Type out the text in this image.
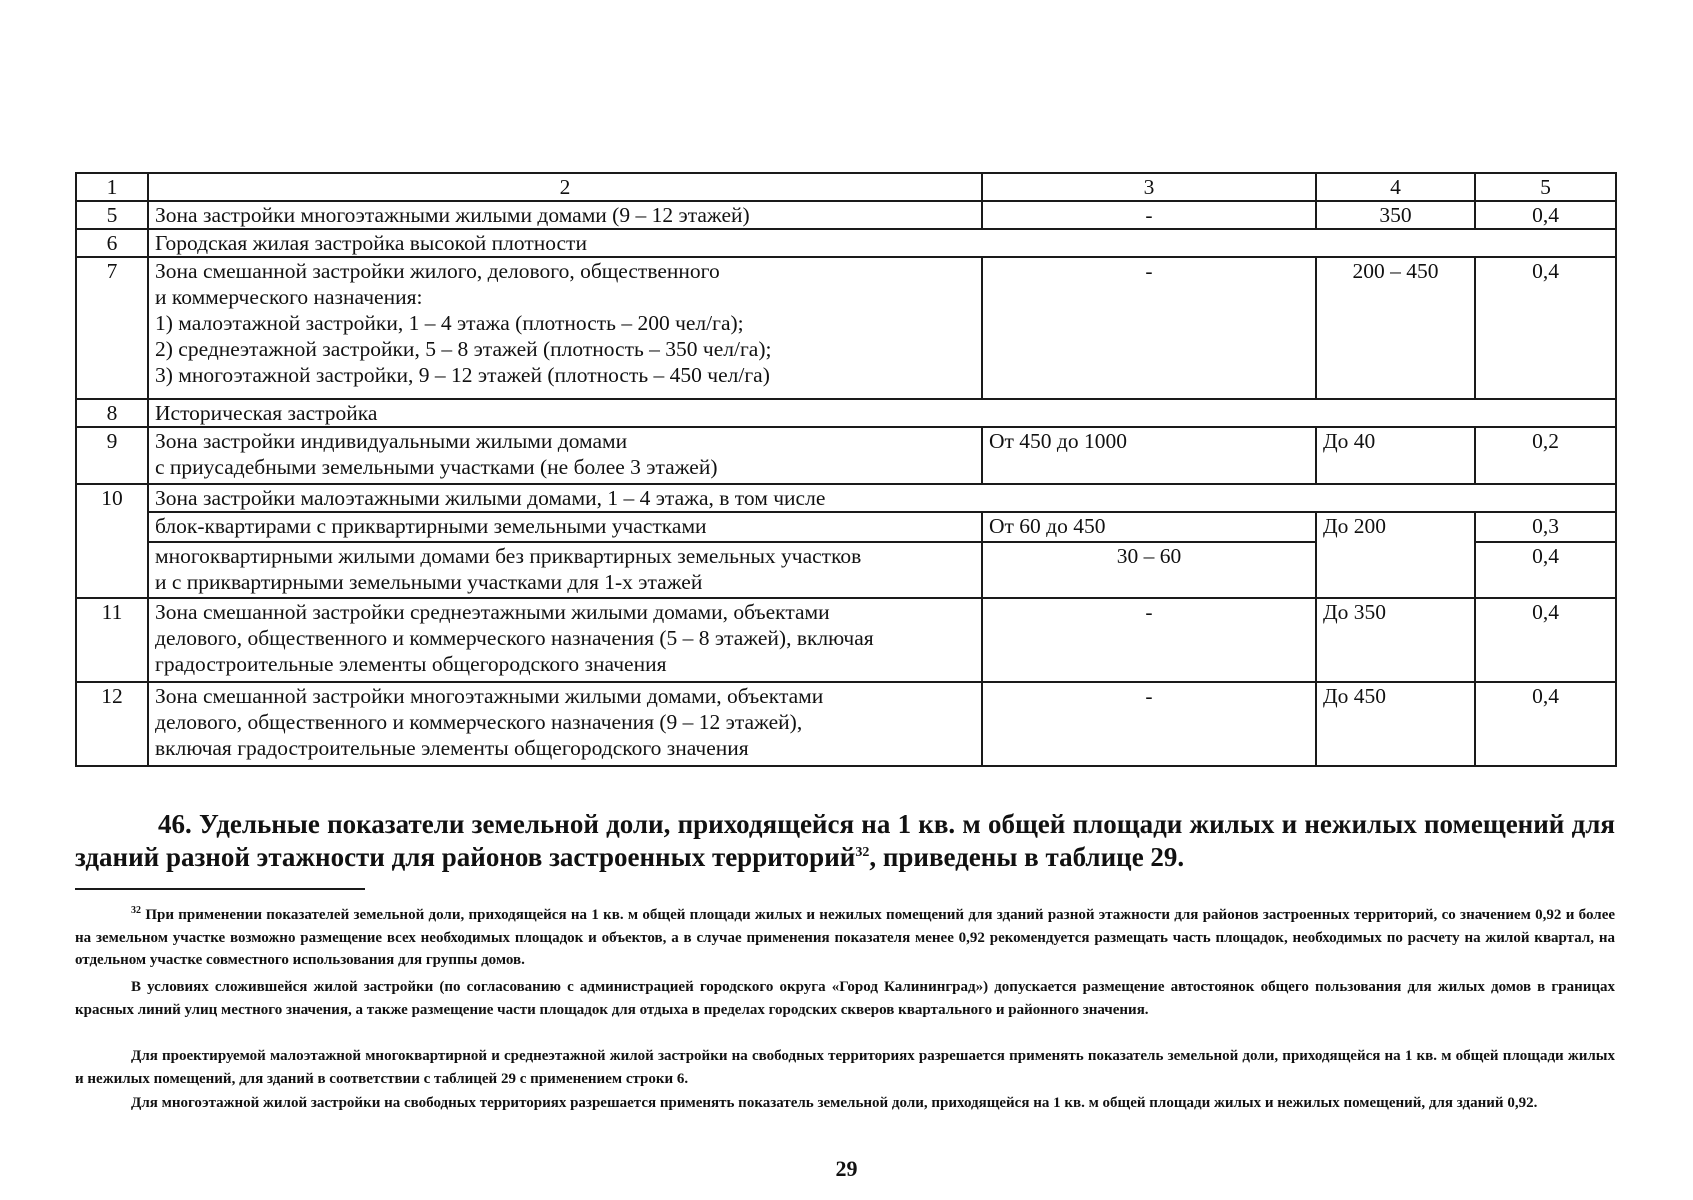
1	2	3	4	5
5	Зона застройки многоэтажными жилыми домами (9 – 12 этажей)	-	350	0,4
6	Городская жилая застройка высокой плотности			
7	Зона смешанной застройки жилого, делового, общественного
и коммерческого назначения:
1) малоэтажной застройки, 1 – 4 этажа (плотность – 200 чел/га);
2) среднеэтажной застройки, 5 – 8 этажей (плотность – 350 чел/га);
3) многоэтажной застройки, 9 – 12 этажей (плотность – 450 чел/га)	-	200 – 450	0,4
8	Историческая застройка			
9	Зона застройки индивидуальными жилыми домами
с приусадебными земельными участками (не более 3 этажей)	От 450 до 1000	До 40	0,2
10	Зона застройки малоэтажными жилыми домами, 1 – 4 этажа, в том числе			
	блок-квартирами с приквартирными земельными участками	От 60 до 450	До 200	0,3

	многоквартирными жилыми домами без приквартирных земельных участков
и с приквартирными земельными участками для 1-х этажей	30 – 60		0,4
11	Зона смешанной застройки среднеэтажными жилыми домами, объектами
делового, общественного и коммерческого назначения (5 – 8 этажей), включая
градостроительные элементы общегородского значения	-	До 350	0,4
12	Зона смешанной застройки многоэтажными жилыми домами, объектами
делового, общественного и коммерческого назначения (9 – 12 этажей),
включая градостроительные элементы общегородского значения	-	До 450	0,4
46. Удельные показатели земельной доли, приходящейся на 1 кв. м общей площади жилых и нежилых помещений для зданий разной этажности для районов застроенных территорий$^{32}$, приведены в таблице 29.
$^{32}$ При применении показателей земельной доли, приходящейся на 1 кв. м общей площади жилых и нежилых помещений для зданий разной этажности для районов застроенных территорий, со значением 0,92 и более на земельном участке возможно размещение всех необходимых площадок и объектов, а в случае применения показателя менее 0,92 рекомендуется размещать часть площадок, необходимых по расчету на жилой квартал, на отдельном участке совместного использования для группы домов.
В условиях сложившейся жилой застройки (по согласованию с администрацией городского округа «Город Калининград») допускается размещение автостоянок общего пользования для жилых домов в границах красных линий улиц местного значения, а также размещение части площадок для отдыха в пределах городских скверов квартального и районного значения.
Для проектируемой малоэтажной многоквартирной и среднеэтажной жилой застройки на свободных территориях разрешается применять показатель земельной доли, приходящейся на 1 кв. м общей площади жилых и нежилых помещений, для зданий в соответствии с таблицей 29 с применением строки 6.
Для многоэтажной жилой застройки на свободных территориях разрешается применять показатель земельной доли, приходящейся на 1 кв. м общей площади жилых и нежилых помещений, для зданий 0,92.
29
